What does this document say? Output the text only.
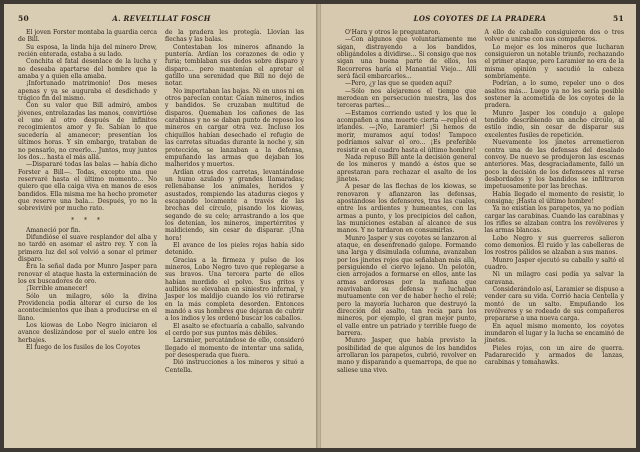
50	A. REVELTLLAT FOSCH

El joven Forster montaba la guardia cerca de Bill.

Su esposa, la linda hija del minero Drew, recién enterada, estaba a su lado.

Conchita el fatal desenlace de la lucha y no deseaba apartarse del hombre que la amaba y a quien ella amaba.

¡Infortunado matrimonio! Dos meses apenas y ya se auguraba el desdichado y trágico fin del mismo.

Con su valor que Bill admiró, ambos jóvenes, entrelazadas las manos, convirtióse el uno al otro después de infinitos recogimientos amor y fe. Sabían lo que sucedería al amanecer; presentían los últimos horas. Y sin embargo, trataban de no pensarlo, no creerlo... Juntos, muy juntos los dos... hasta el más allá.

—Dispararé todas las balas — había dicho Forster a Bill—. Todas, excepto una que reservaré hasta el último momento... No quiero que ella caiga viva en manos de esos bandidos. Ella misma me ha hecho prometer que reserve una bala... Después, yo no la sobreviviré por mucho rato.

* * *

Amaneció por fin.

Difundióse el suave resplandor del alba y no tardó en asomar el astro rey. Y con la primera luz del sol volvió a sonar el primer disparo.

Era la señal dada por Munro Jasper para renovar el ataque hasta la exterminación de los ex buscadores de oro.

¡Terrible amanecer!

Sólo un milagro, sólo la divina Providencia podía alterar el curso de los acontecimientos que iban a producirse en el llano.

Los kiowas de Lobo Negro iniciaron el avance deslizándose por el suelo entre los herbajes.

El fuego de los fusiles de los Coyotes

de la pradera les protegía. Llovían las flechas y las balas.

Contestaban los mineros afinando la puntería. Ardían los corazones de odio y furia; temblaban sus dedos sobre disparo y disparo... pero mantenían el apretar el gatillo una serenidad que Bill no dejó de notar.

No importaban las bajas. Ni en unos ni en otros parecían contar. Caían mineros, indios y bandidos. Se cruzaban multitud de disparos. Quemaban los cañones de las carabinas y no se daban punto de reposo los mineros en cargar otra vez. Incluso los chiquillos habían desechado el refugio de las carretas situadas durante la noche y, sin protección, se lanzaban a la defensa, empuñando las armas que dejaban los malheridos y muertos.

Ardían otras dos carretas, levantándose un humo azulado y grandes llamaradas; rellenábanse los animales, heridos y asustados, rompiendo las ataduras ciegos y escapando locamente a través de las brechas del círculo, pisando los kiowas, segando de su celo; arrastrando a los que los detenían, los mineros, impertérritos y maldiciendo, sin cesar de disparar. ¡Una hora!

El avance de los pieles rojas había sido detenido.

Gracias a la firmeza y pulso de los mineros, Lobo Negro tuvo que replegarse a sus bravos. Una tercera parte de ellos habían mordido el polvo. Sus gritos y aullidos se elevaban en siniestro infernal, y Jasper los maldijo cuando los vió retirarse en la más completa desorden. Entonces mandó a sus hombres que dejaran de cubrir a los indios y les ordenó buscar los caballos.

El asalto se efectuaría a caballo, salvando el cerdo por sus puntos más débiles.

Larsmier, percatándose de ello, consideró llegado el momento de intentar una salida, por desesperada que fuera.

Dió instrucciones a los mineros y situó a Centella.

LOS COYOTES DE LA PRADERA	51

O'Hara y otros le preguntaron.

—Con algunos que voluntariamente me sigan, distrayendo a los bandidos, obligándoles a dividirse... Si consigo que nos sigan una buena parte de ellos, los Recorreros haría el Manantial Viejo... Allí será fácil embarcarles...

—Pero, ¿y las que se queden aquí?

—Sólo nos alejaremos el tiempo que merodean en persecución nuestra, las dos terceras partes...

—Estamos corriendo usted y los que le acompañen a una muerte cierta —replicó el irlandés. —¡No, Laramier! ¡Si hemos de morir, muramos aquí todos! Tampoco podríamos salvar el oro... ¡Es preferible resistir en el cuadro hasta el último hombre!

Nada repuso Bill ante la decisión general de los mineros y mandó a éstos que se aprestaran para rechazar el asalto de los jinetes.

A pesar de las flechas de los kiowas, se renovaron y afianzaron las defensas, apostándose los defensores, tras las cuales, entre los ardientes y humeantes, con las armas a punto, y los precipicios del cañon, las municiones estaban al alcance de sus manos. Y no tardaron en consumirlas.

Munro Jasper y sus coyotes se lanzaron al ataque, en desenfrenado galope. Formando una larga y disimulada columna, avanzaban por los jinetes rojos que señalaban más allá, persiguiendo el ciervo lejano. Un pelotón, cien arrojados a formarse en ellos, ante las armas ardorosas por la mañana que reavivaban su defensa y luchaban mutuamente con ver de haber hecho el relé; pero la mayoría lucharon que destruyó la dirección del asalto, tan recia para los mineros, por ejemplo, el gran mejor punto, el valle entre un patriado y terrible fuego de barrera.

Munro Jasper, que había previsto la posibilidad de que algunos de los bandidos arrollaran los parapetos, cubrió, revolver en mano y disparando a quemarropa, de que no saliese una vivo.

A ello de caballo consiguieron dos o tres volver a unirse con sus compañeros.

Lo mejor es los mineros que lucharan consiguieron un notable triunfo, rechazando el primer ataque, pero Laramier no era de la misma opinión y sacudió la cabeza sombríamente.

Podrían, a lo sumo, repeler uno o dos asaltos más... Luego ya no les sería posible sostener la acometida de los coyotes de la pradera.

Munro Jasper los condujo a galope tendido describiendo un ancho círculo, al estilo indio, sin cesar de disparar sus excelentes fusiles de repetición.

Nuevamente los jinetes arremetieron contra una de las defensas del desalado convoy. De nuevo se produjeron las escenas anteriores. Mas, desgraciadamente, falló un poco la decisión de los defensores al verse desbordados y los bandidos se infiltraron impetuosamente por las brechas.

Había llegado el momento de resistir, lo consigna; ¡Hasta el último hombre!

Ya no existían los parapetos, ya no podían cargar las carabinas. Cuando las carabinas y los rifles se alzaban contra los revólveres y las armas blancas.

Lobo Negro y sus guerreros salieron como demonios. El ruido y las cabelleras de los rostros pálidos se alzaban a sus manos.

Munro Jasper ejecutó su caballo y saltó el cuadro.

Ni un milagro casi podía ya salvar la caravana.

Considerándolo así, Laramier se dispuso a vender cara su vida. Corrió hacia Centella y montó de un salto. Empuñando los revólveres y se rodeado de sus compañeros prepararse a una nueva carga.

En aquel mismo momento, los coyotes inundaron el lugar y la lucha se encaminó de jinetes.

Pieles rojas, con un aire de guerra. Padararecido y armados de lanzas, carabinas y tomahawks.
